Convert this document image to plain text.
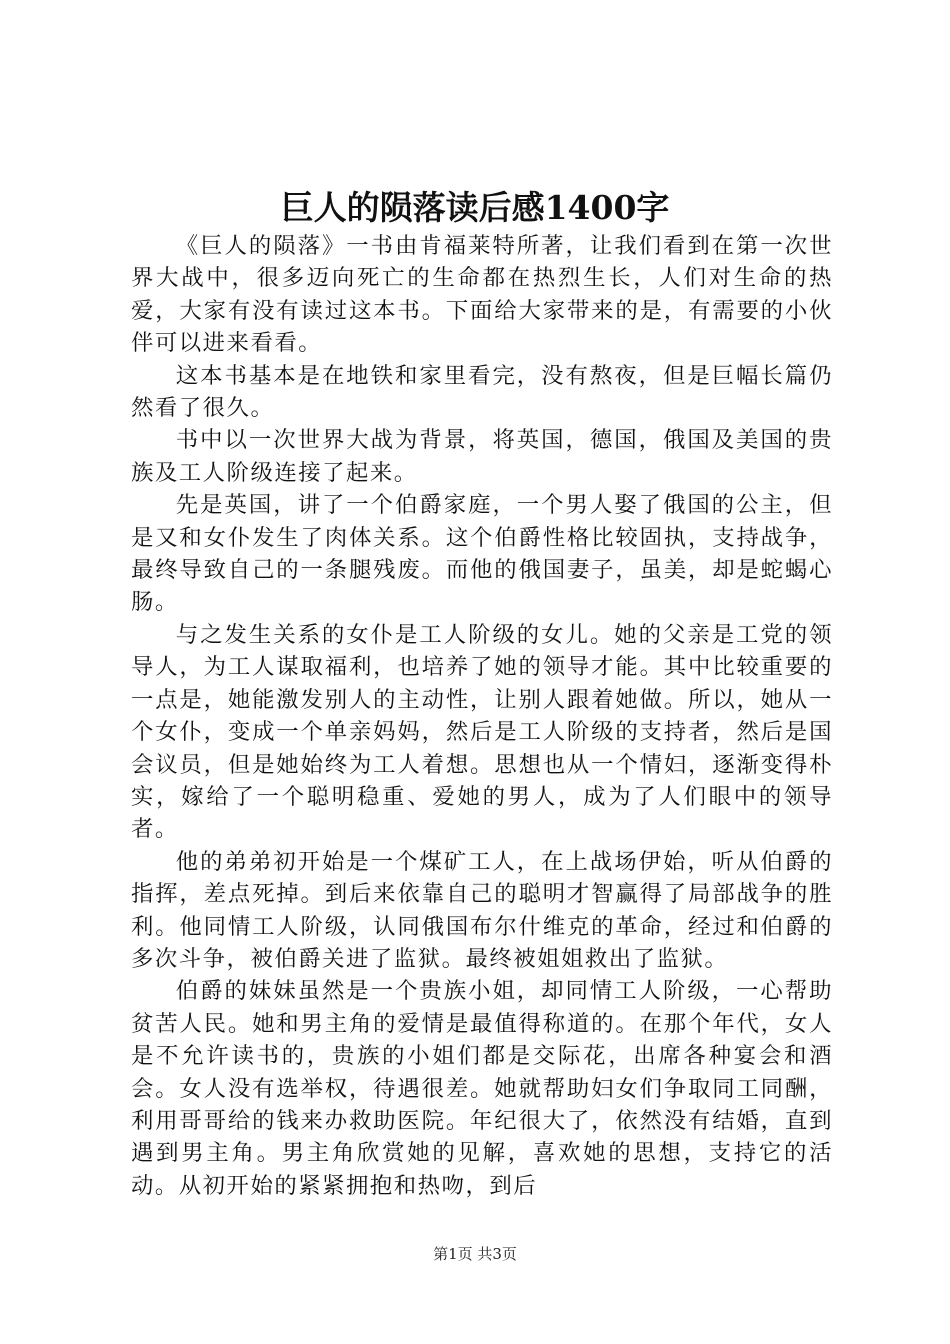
巨人的陨落读后感1400字

《巨人的陨落》一书由肯福莱特所著，让我们看到在第一次世界大战中，很多迈向死亡的生命都在热烈生长，人们对生命的热爱，大家有没有读过这本书。下面给大家带来的是，有需要的小伙伴可以进来看看。

这本书基本是在地铁和家里看完，没有熬夜，但是巨幅长篇仍然看了很久。

书中以一次世界大战为背景，将英国，德国，俄国及美国的贵族及工人阶级连接了起来。

先是英国，讲了一个伯爵家庭，一个男人娶了俄国的公主，但是又和女仆发生了肉体关系。这个伯爵性格比较固执，支持战争，最终导致自己的一条腿残废。而他的俄国妻子，虽美，却是蛇蝎心肠。

与之发生关系的女仆是工人阶级的女儿。她的父亲是工党的领导人，为工人谋取福利，也培养了她的领导才能。其中比较重要的一点是，她能激发别人的主动性，让别人跟着她做。所以，她从一个女仆，变成一个单亲妈妈，然后是工人阶级的支持者，然后是国会议员，但是她始终为工人着想。思想也从一个情妇，逐渐变得朴实，嫁给了一个聪明稳重、爱她的男人，成为了人们眼中的领导者。

他的弟弟初开始是一个煤矿工人，在上战场伊始，听从伯爵的指挥，差点死掉。到后来依靠自己的聪明才智赢得了局部战争的胜利。他同情工人阶级，认同俄国布尔什维克的革命，经过和伯爵的多次斗争，被伯爵关进了监狱。最终被姐姐救出了监狱。

伯爵的妹妹虽然是一个贵族小姐，却同情工人阶级，一心帮助贫苦人民。她和男主角的爱情是最值得称道的。在那个年代，女人是不允许读书的，贵族的小姐们都是交际花，出席各种宴会和酒会。女人没有选举权，待遇很差。她就帮助妇女们争取同工同酬，利用哥哥给的钱来办救助医院。年纪很大了，依然没有结婚，直到遇到男主角。男主角欣赏她的见解，喜欢她的思想，支持它的活动。从初开始的紧紧拥抱和热吻，到后

第1页 共3页
